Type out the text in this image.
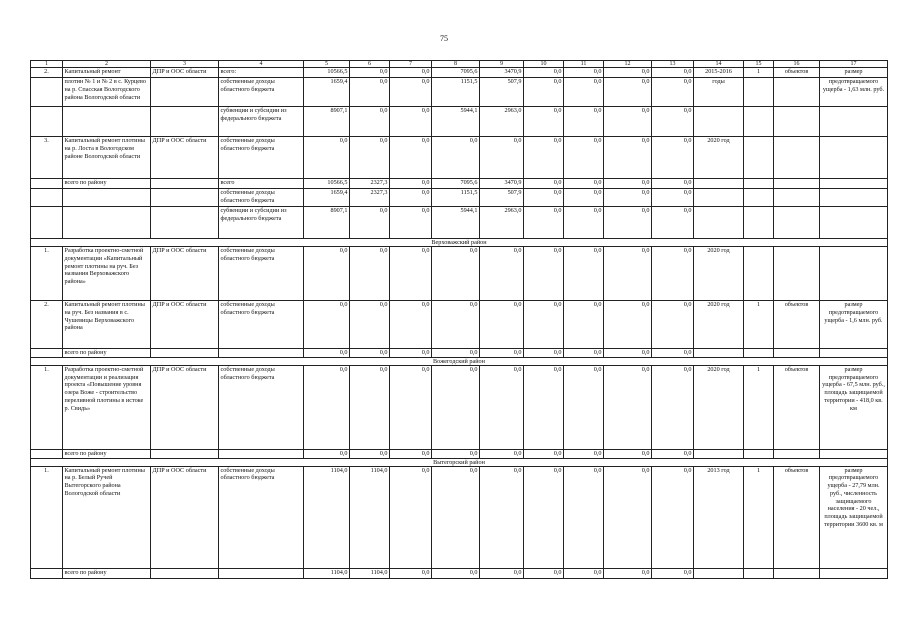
75
1	2	3	4	5	6	7	8	9	10	11	12	13	14	15	16	17
2.	Капитальный ремонт	ДПР и ООС области	всего:	10566,5	0,0	0,0	7095,6	3470,9	0,0	0,0	0,0	0,0	2015-2016	1	объектов	размер
	плотин № 1 и № 2 в с. Курцево на р. Спасская Вологодского района Вологодской области		собственные доходы областного бюджета	1659,4	0,0	0,0	1151,5	507,9	0,0	0,0	0,0	0,0	годы			предотвращаемого ущерба - 1,63 млн. руб.
			субвенции и субсидии из федерального бюджета	8907,1	0,0	0,0	5944,1	2963,0	0,0	0,0	0,0	0,0				
3.	Капитальный ремонт плотины на р. Лоста в Вологодском районе Вологодской области	ДПР и ООС области	собственные доходы областного бюджета	0,0	0,0	0,0	0,0	0,0	0,0	0,0	0,0	0,0	2020 год			
	всего по району		всего	10566,5	2327,3	0,0	7095,6	3470,9	0,0	0,0	0,0	0,0				
			собственные доходы областного бюджета	1659,4	2327,3	0,0	1151,5	507,9	0,0	0,0	0,0	0,0				
			субвенции и субсидии из федерального бюджета	8907,1	0,0	0,0	5944,1	2963,0	0,0	0,0	0,0	0,0				
Верховажский район																
1.	Разработка проектно-сметной документации «Капитальный ремонт плотины на руч. Без названия Верховажского района»	ДПР и ООС области	собственные доходы областного бюджета	0,0	0,0	0,0	0,0	0,0	0,0	0,0	0,0	0,0	2020 год			
2.	Капитальный ремонт плотины на руч. Без названия в с. Чушевицы Верховажского района	ДПР и ООС области	собственные доходы областного бюджета	0,0	0,0	0,0	0,0	0,0	0,0	0,0	0,0	0,0	2020 год	1	объектов	размер предотвращаемого ущерба - 1,6 млн. руб.
	всего по району			0,0	0,0	0,0	0,0	0,0	0,0	0,0	0,0	0,0				
Вожегодский район																
1.	Разработка проектно-сметной документации и реализация проекта «Повышение уровня озера Воже - строительство переливной плотины в истоке р. Свидь»	ДПР и ООС области	собственные доходы областного бюджета	0,0	0,0	0,0	0,0	0,0	0,0	0,0	0,0	0,0	2020 год	1	объектов	размер предотвращаемого ущерба - 67,5 млн. руб., площадь защищаемой территории - 418,0 кв. км
	всего по району			0,0	0,0	0,0	0,0	0,0	0,0	0,0	0,0	0,0				
Вытегорский район																
1.	Капитальный ремонт плотины на р. Белый Ручей Вытегорского района Вологодской области	ДПР и ООС области	собственные доходы областного бюджета	1104,0	1104,0	0,0	0,0	0,0	0,0	0,0	0,0	0,0	2013 год	1	объектов	размер предотвращаемого ущерба - 27,79 млн. руб., численность защищаемого населения - 20 чел., площадь защищаемой территории 3600 кв. м
	всего по району			1104,0	1104,0	0,0	0,0	0,0	0,0	0,0	0,0	0,0				
